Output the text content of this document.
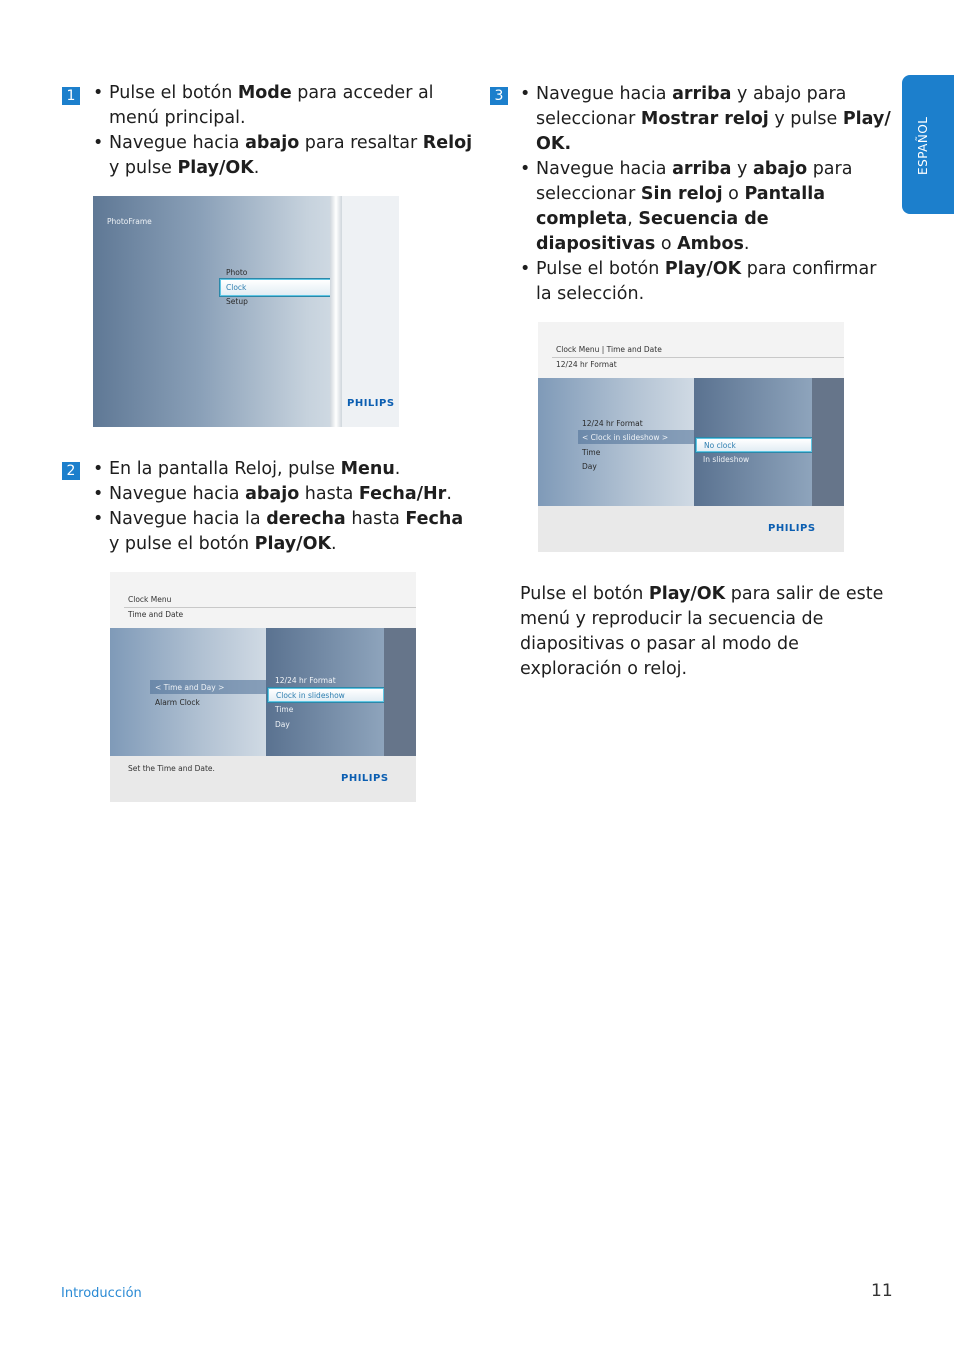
ESPAÑOL
1	• Pulse el botón Mode para acceder al menú principal.
• Navegue hacia abajo para resaltar Reloj y pulse Play/OK.
PhotoFrame
Photo
Clock
Setup
PHILIPS
2	• En la pantalla Reloj, pulse Menu.
• Navegue hacia abajo hasta Fecha/Hr.
• Navegue hacia la derecha hasta Fecha y pulse el botón Play/OK.
Clock Menu
Time and Date
< Time and Day >
Alarm Clock
12/24 hr Format
Clock in slideshow
Time
Day
Set the Time and Date.
PHILIPS
3	• Navegue hacia arriba y abajo para seleccionar Mostrar reloj y pulse Play/ OK.
• Navegue hacia arriba y abajo para seleccionar Sin reloj o Pantalla completa, Secuencia de diapositivas o Ambos.
• Pulse el botón Play/OK para confirmar la selección.
Clock Menu | Time and Date
12/24 hr Format
12/24 hr Format
< Clock in slideshow >
Time
Day
No clock
In slideshow
PHILIPS

Pulse el botón Play/OK para salir de este menú y reproducir la secuencia de diapositivas o pasar al modo de exploración o reloj.

Introducción	11
